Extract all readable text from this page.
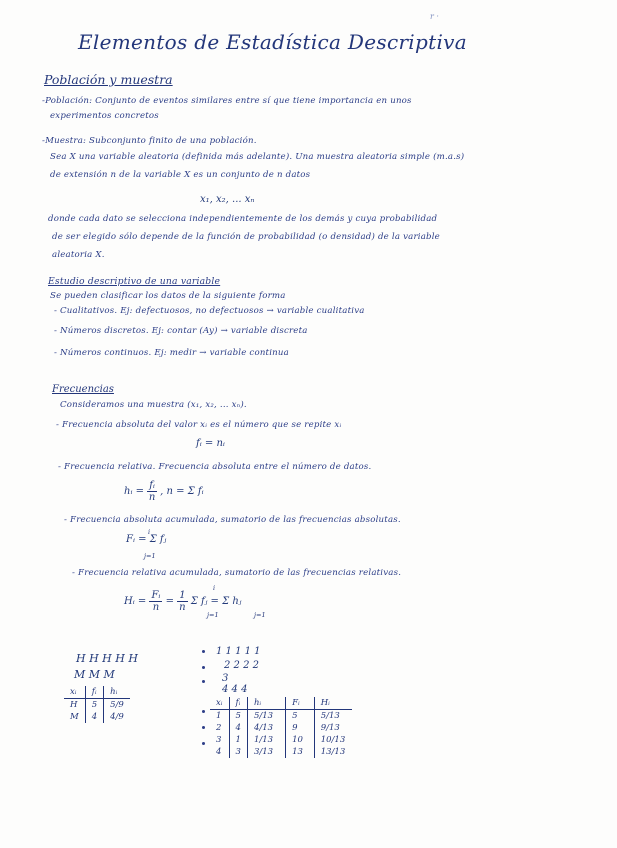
r ·
Elementos de Estadística Descriptiva
Población y muestra
-Población: Conjunto de eventos similares entre sí que tiene importancia en unos
experimentos concretos
-Muestra: Subconjunto finito de una población.
Sea X una variable aleatoria (definida más adelante). Una muestra aleatoria simple (m.a.s)
de extensión n de la variable X es un conjunto de n datos
x₁, x₂, ... xₙ
donde cada dato se selecciona independientemente de los demás y cuya probabilidad
de ser elegido sólo depende de la función de probabilidad (o densidad) de la variable
aleatoria X.
Estudio descriptivo de una variable
Se pueden clasificar los datos de la siguiente forma
- Cualitativos. Ej: defectuosos, no defectuosos → variable cualitativa
- Números discretos. Ej: contar (Ay) → variable discreta
- Números continuos. Ej: medir → variable continua
Frecuencias
Consideramos una muestra (x₁, x₂, ... xₙ).
- Frecuencia absoluta del valor xᵢ es el número que se repite xᵢ
fᵢ = nᵢ
- Frecuencia relativa. Frecuencia absoluta entre el número de datos.
hᵢ = $\frac{\text{fᵢ}}{n}$ , n = Σ fᵢ
- Frecuencia absoluta acumulada, sumatorio de las frecuencias absolutas.
Fᵢ = Σ fⱼ
i
j=1
- Frecuencia relativa acumulada, sumatorio de las frecuencias relativas.
Hᵢ = $\frac{\text{Fᵢ}}{n} = \frac{1}{n}$ Σ fⱼ = Σ hⱼ
i
j=1	j=1
H H H H H
M M M
xᵢ	fᵢ	hᵢ
H	5	5/9
M	4	4/9
1 1 1 1 1
2 2 2 2
3
4 4 4
xᵢ	fᵢ	hᵢ	Fᵢ	Hᵢ
1	5	5/13	5	5/13
2	4	4/13	9	9/13
3	1	1/13	10	10/13
4	3	3/13	13	13/13
